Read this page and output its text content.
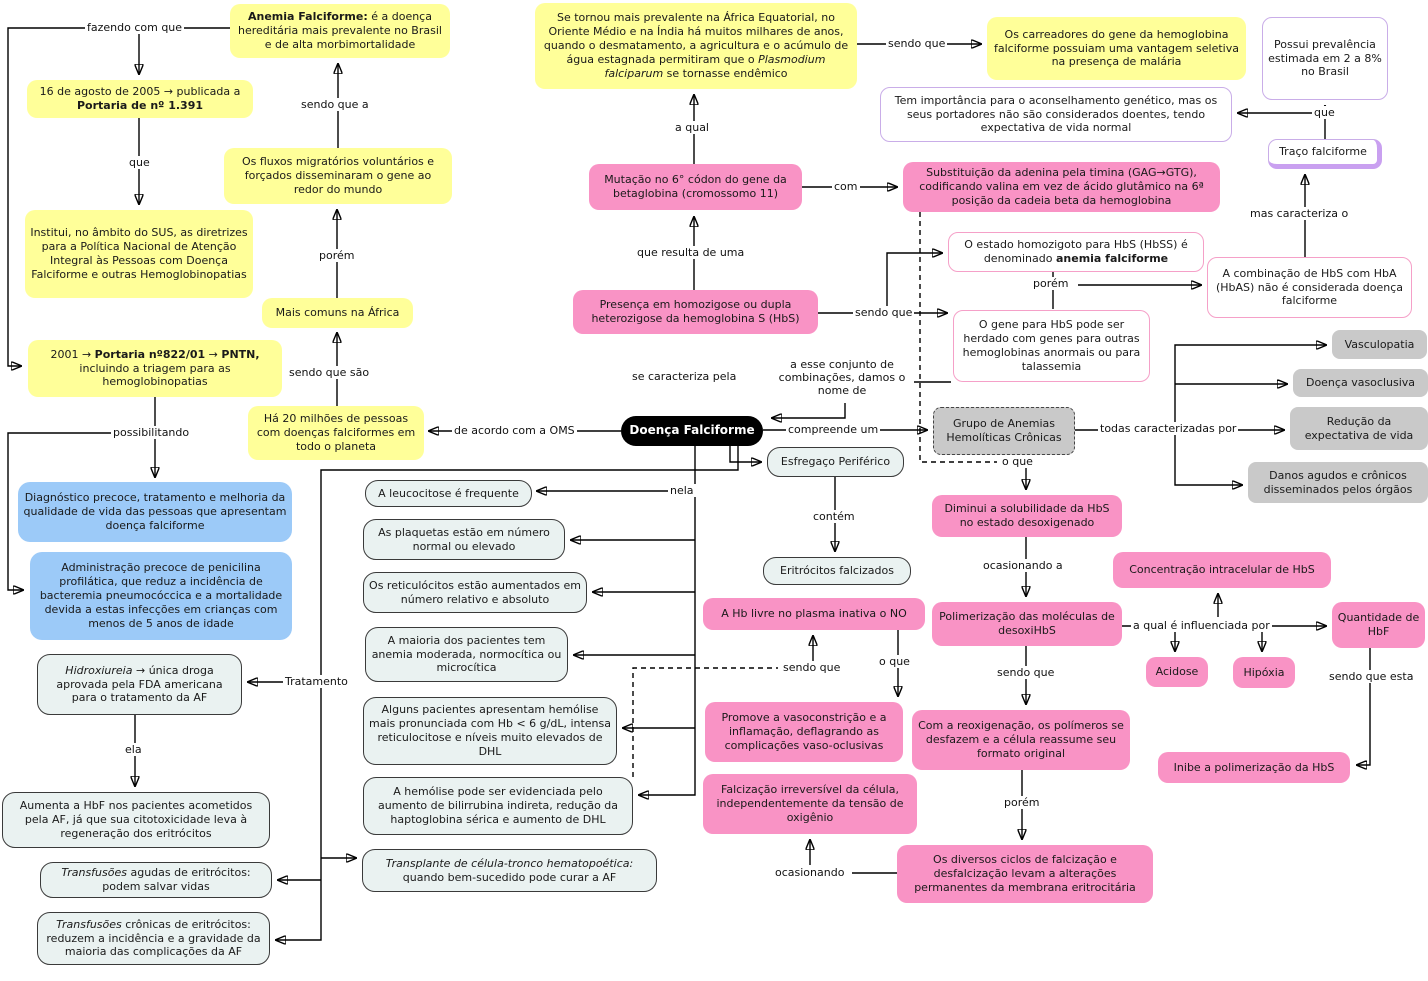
Anemia Falciforme: é a doença hereditária mais prevalente no Brasil e de alta morbimortalidade
16 de agosto de 2005 → publicada a Portaria de nº 1.391
Institui, no âmbito do SUS, as diretrizes para a Política Nacional de Atenção Integral às Pessoas com Doença Falciforme e outras Hemoglobinopatias
2001 → Portaria nº822/01 → PNTN, incluindo a triagem para as hemoglobinopatias
Os fluxos migratórios voluntários e forçados disseminaram o gene ao redor do mundo
Mais comuns na África
Há 20 milhões de pessoas com doenças falciformes em todo o planeta
Se tornou mais prevalente na África Equatorial, no Oriente Médio e na Índia há muitos milhares de anos, quando o desmatamento, a agricultura e o acúmulo de água estagnada permitiram que o Plasmodium falciparum se tornasse endêmico
Os carreadores do gene da hemoglobina falciforme possuiam uma vantagem seletiva na presença de malária
Tem importância para o aconselhamento genético, mas os seus portadores não são considerados doentes, tendo expectativa de vida normal
Possui prevalência estimada em 2 a 8% no Brasil
Traço falciforme
Mutação no 6° códon do gene da betaglobina (cromossomo 11)
Substituição da adenina pela timina (GAG→GTG), codificando valina em vez de ácido glutâmico na 6ª posição da cadeia beta da hemoglobina
Presença em homozigose ou dupla heterozigose da hemoglobina S (HbS)
Diminui a solubilidade da HbS no estado desoxigenado
Polimerização das moléculas de desoxiHbS
Concentração intracelular de HbS
Acidose	Hipóxia
Quantidade de HbF
A Hb livre no plasma inativa o NO
Promove a vasoconstrição e a inflamação, deflagrando as complicações vaso-oclusivas
Falcização irreversível da célula, independentemente da tensão de oxigênio
Com a reoxigenação, os polímeros se desfazem e a célula reassume seu formato original
Inibe a polimerização da HbS
Os diversos ciclos de falcização e desfalcização levam a alterações permanentes da membrana eritrocitária
O estado homozigoto para HbS (HbSS) é denominado anemia falciforme
O gene para HbS pode ser herdado com genes para outras hemoglobinas anormais ou para talassemia
A combinação de HbS com HbA (HbAS) não é considerada doença falciforme
Doença Falciforme	Grupo de Anemias Hemolíticas Crônicas
Vasculopatia
Doença vasoclusiva
Redução da expectativa de vida
Danos agudos e crônicos disseminados pelos órgãos
Esfregaço Periférico
Eritrócitos falcizados
A leucocitose é frequente
As plaquetas estão em número normal ou elevado
Os reticulócitos estão aumentados em número relativo e absoluto
A maioria dos pacientes tem anemia moderada, normocítica ou microcítica
Alguns pacientes apresentam hemólise mais pronunciada com Hb < 6 g/dL, intensa reticulocitose e níveis muito elevados de DHL
A hemólise pode ser evidenciada pelo aumento de bilirrubina indireta, redução da haptoglobina sérica e aumento de DHL
Transplante de célula-tronco hematopoética: quando bem-sucedido pode curar a AF
Hidroxiureia → única droga aprovada pela FDA americana para o tratamento da AF
Aumenta a HbF nos pacientes acometidos pela AF, já que sua citotoxicidade leva à regeneração dos eritrócitos
Transfusões agudas de eritrócitos: podem salvar vidas
Transfusões crônicas de eritrócitos: reduzem a incidência e a gravidade da maioria das complicações da AF
Diagnóstico precoce, tratamento e melhoria da qualidade de vida das pessoas que apresentam doença falciforme
Administração precoce de penicilina profilática, que reduz a incidência de bacteremia pneumocóccica e a mortalidade devida a estas infecções em crianças com menos de 5 anos de idade
fazendo com que
que
sendo que a
porém
sendo que são
possibilitando
a qual
sendo que
que
mas caracteriza o
com
que resulta de uma
sendo que
porém
a esse conjunto de combinações, damos o nome de
de acordo com a OMS	compreende um
se caracteriza pela
nela
contém
o que
o que
sendo que
todas caracterizadas por
ocasionando a
a qual é influenciada por
sendo que	sendo que esta
porém
ocasionando
Tratamento
ela
